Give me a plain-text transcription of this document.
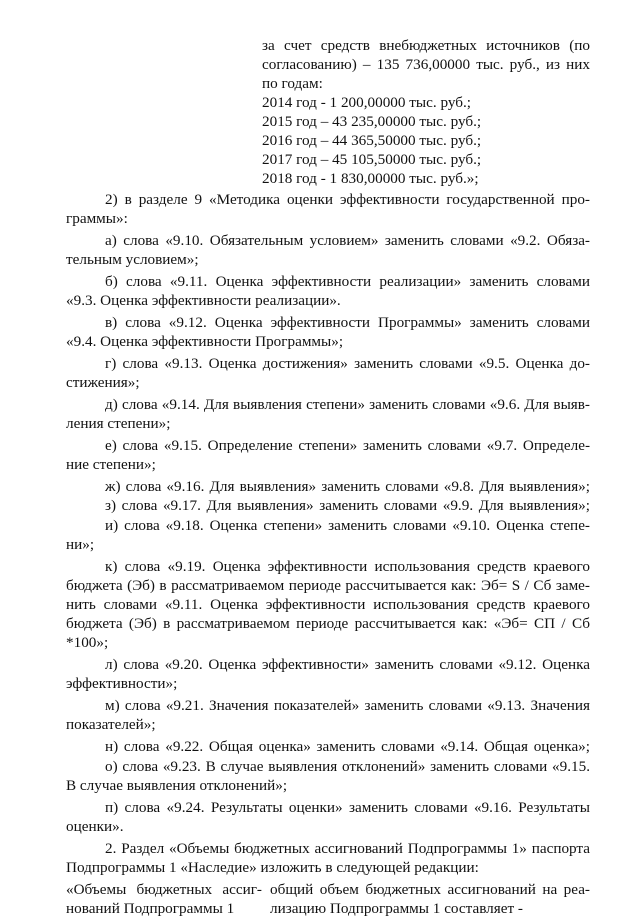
за счет средств внебюджетных источников (по
согласованию) – 135 736,00000 тыс. руб., из них
по годам:
2014 год - 1 200,00000 тыс. руб.;
2015 год – 43 235,00000 тыс. руб.;
2016 год – 44 365,50000 тыс. руб.;
2017 год – 45 105,50000 тыс. руб.;
2018 год - 1 830,00000 тыс. руб.»;
2) в разделе 9 «Методика оценки эффективности государственной про-
граммы»:
а) слова «9.10. Обязательным условием» заменить словами «9.2. Обяза-
тельным условием»;
б) слова «9.11. Оценка эффективности реализации» заменить словами
«9.3. Оценка эффективности реализации».
в) слова «9.12. Оценка эффективности Программы» заменить словами
«9.4. Оценка эффективности Программы»;
г) слова «9.13. Оценка достижения» заменить словами «9.5. Оценка до-
стижения»;
д) слова «9.14. Для выявления степени» заменить словами «9.6. Для выяв-
ления степени»;
е) слова «9.15. Определение степени» заменить словами «9.7. Определе-
ние степени»;
ж) слова «9.16. Для выявления» заменить словами «9.8. Для выявления»;
з) слова «9.17. Для выявления» заменить словами «9.9. Для выявления»;
и) слова «9.18. Оценка степени» заменить словами «9.10. Оценка степе-
ни»;
к) слова «9.19. Оценка эффективности использования средств краевого
бюджета (Эб) в рассматриваемом периоде рассчитывается как: Эб= S / Сб заме-
нить словами «9.11. Оценка эффективности использования средств краевого
бюджета (Эб) в рассматриваемом периоде рассчитывается как: «Эб= СП / Сб
*100»;
л) слова «9.20. Оценка эффективности» заменить словами «9.12. Оценка
эффективности»;
м) слова «9.21. Значения показателей» заменить словами «9.13. Значения
показателей»;
н) слова «9.22. Общая оценка» заменить словами «9.14. Общая оценка»;
о) слова «9.23. В случае выявления отклонений» заменить словами «9.15.
В случае выявления отклонений»;
п) слова «9.24. Результаты оценки» заменить словами «9.16. Результаты
оценки».
2. Раздел «Объемы бюджетных ассигнований Подпрограммы 1» паспорта
Подпрограммы 1 «Наследие» изложить в следующей редакции:
«Объемы бюджетных ассиг- общий объем бюджетных ассигнований на реа-
нований Подпрограммы 1	лизацию Подпрограммы 1 составляет -
